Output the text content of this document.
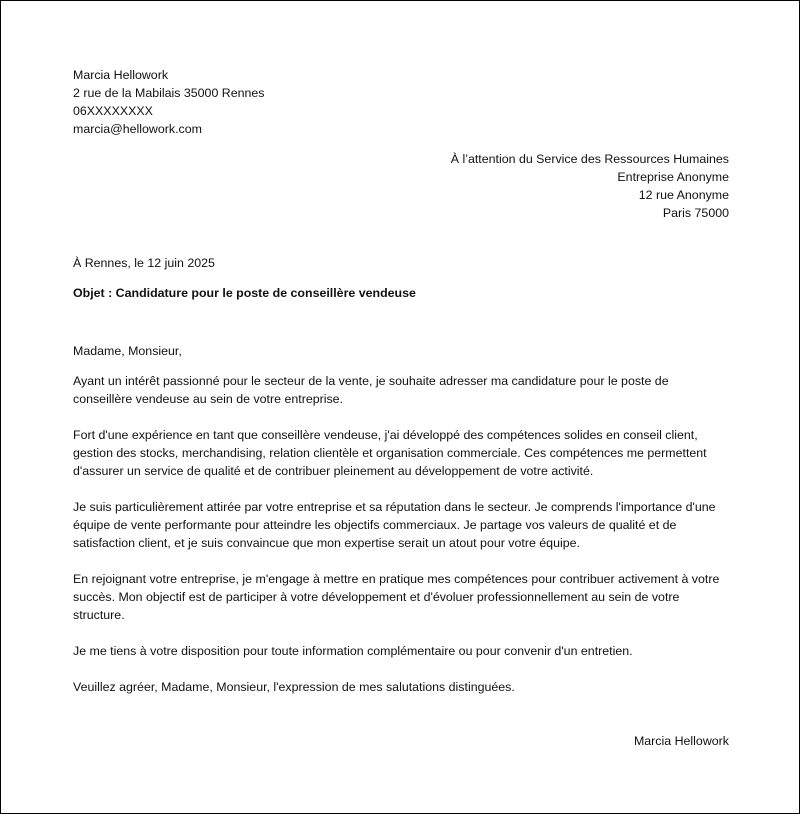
Marcia Hellowork
2 rue de la Mabilais 35000 Rennes
06XXXXXXXX
marcia@hellowork.com
À l’attention du Service des Ressources Humaines
Entreprise Anonyme
12 rue Anonyme
Paris 75000

À Rennes, le 12 juin 2025

Objet : Candidature pour le poste de conseillère vendeuse

Madame, Monsieur,

Ayant un intérêt passionné pour le secteur de la vente, je souhaite adresser ma candidature pour le poste de conseillère vendeuse au sein de votre entreprise.

Fort d'une expérience en tant que conseillère vendeuse, j'ai développé des compétences solides en conseil client, gestion des stocks, merchandising, relation clientèle et organisation commerciale. Ces compétences me permettent d'assurer un service de qualité et de contribuer pleinement au développement de votre activité.

Je suis particulièrement attirée par votre entreprise et sa réputation dans le secteur. Je comprends l'importance d'une équipe de vente performante pour atteindre les objectifs commerciaux. Je partage vos valeurs de qualité et de satisfaction client, et je suis convaincue que mon expertise serait un atout pour votre équipe.

En rejoignant votre entreprise, je m'engage à mettre en pratique mes compétences pour contribuer activement à votre succès. Mon objectif est de participer à votre développement et d'évoluer professionnellement au sein de votre structure.

Je me tiens à votre disposition pour toute information complémentaire ou pour convenir d'un entretien.

Veuillez agréer, Madame, Monsieur, l'expression de mes salutations distinguées.

Marcia Hellowork
